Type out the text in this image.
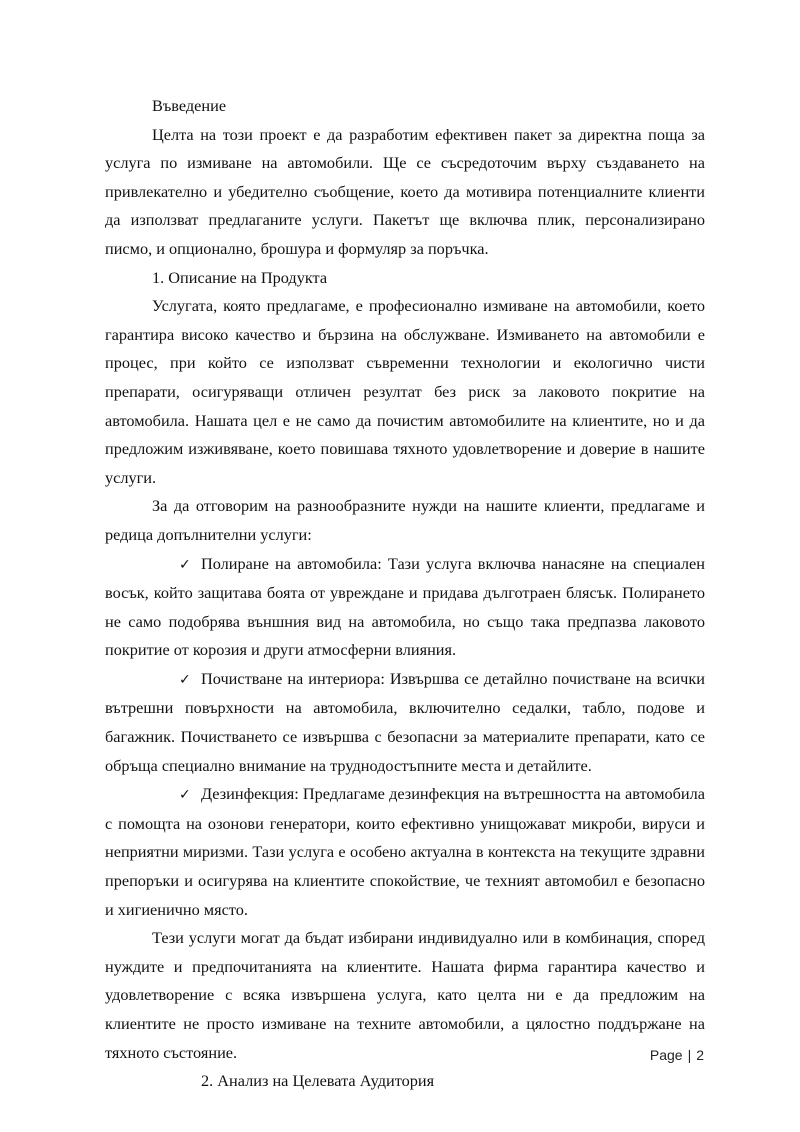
Въведение

Целта на този проект е да разработим ефективен пакет за директна поща за услуга по измиване на автомобили. Ще се съсредоточим върху създаването на привлекателно и убедително съобщение, което да мотивира потенциалните клиенти да използват предлаганите услуги. Пакетът ще включва плик, персонализирано писмо, и опционално, брошура и формуляр за поръчка.

1. Описание на Продукта

Услугата, която предлагаме, е професионално измиване на автомобили, което гарантира високо качество и бързина на обслужване. Измиването на автомобили е процес, при който се използват съвременни технологии и екологично чисти препарати, осигуряващи отличен резултат без риск за лаковото покритие на автомобила. Нашата цел е не само да почистим автомобилите на клиентите, но и да предложим изживяване, което повишава тяхното удовлетворение и доверие в нашите услуги.

За да отговорим на разнообразните нужди на нашите клиенти, предлагаме и редица допълнителни услуги:

✓ Полиране на автомобила: Тази услуга включва нанасяне на специален восък, който защитава боята от увреждане и придава дълготраен блясък. Полирането не само подобрява външния вид на автомобила, но също така предпазва лаковото покритие от корозия и други атмосферни влияния.

✓ Почистване на интериора: Извършва се детайлно почистване на всички вътрешни повърхности на автомобила, включително седалки, табло, подове и багажник. Почистването се извършва с безопасни за материалите препарати, като се обръща специално внимание на труднодостъпните места и детайлите.

✓ Дезинфекция: Предлагаме дезинфекция на вътрешността на автомобила с помощта на озонови генератори, които ефективно унищожават микроби, вируси и неприятни миризми. Тази услуга е особено актуална в контекста на текущите здравни препоръки и осигурява на клиентите спокойствие, че техният автомобил е безопасно и хигиенично място.

Тези услуги могат да бъдат избирани индивидуално или в комбинация, според нуждите и предпочитанията на клиентите. Нашата фирма гарантира качество и удовлетворение с всяка извършена услуга, като целта ни е да предложим на клиентите не просто измиване на техните автомобили, а цялостно поддържане на тяхното състояние.

2. Анализ на Целевата Аудитория

Page | 2
